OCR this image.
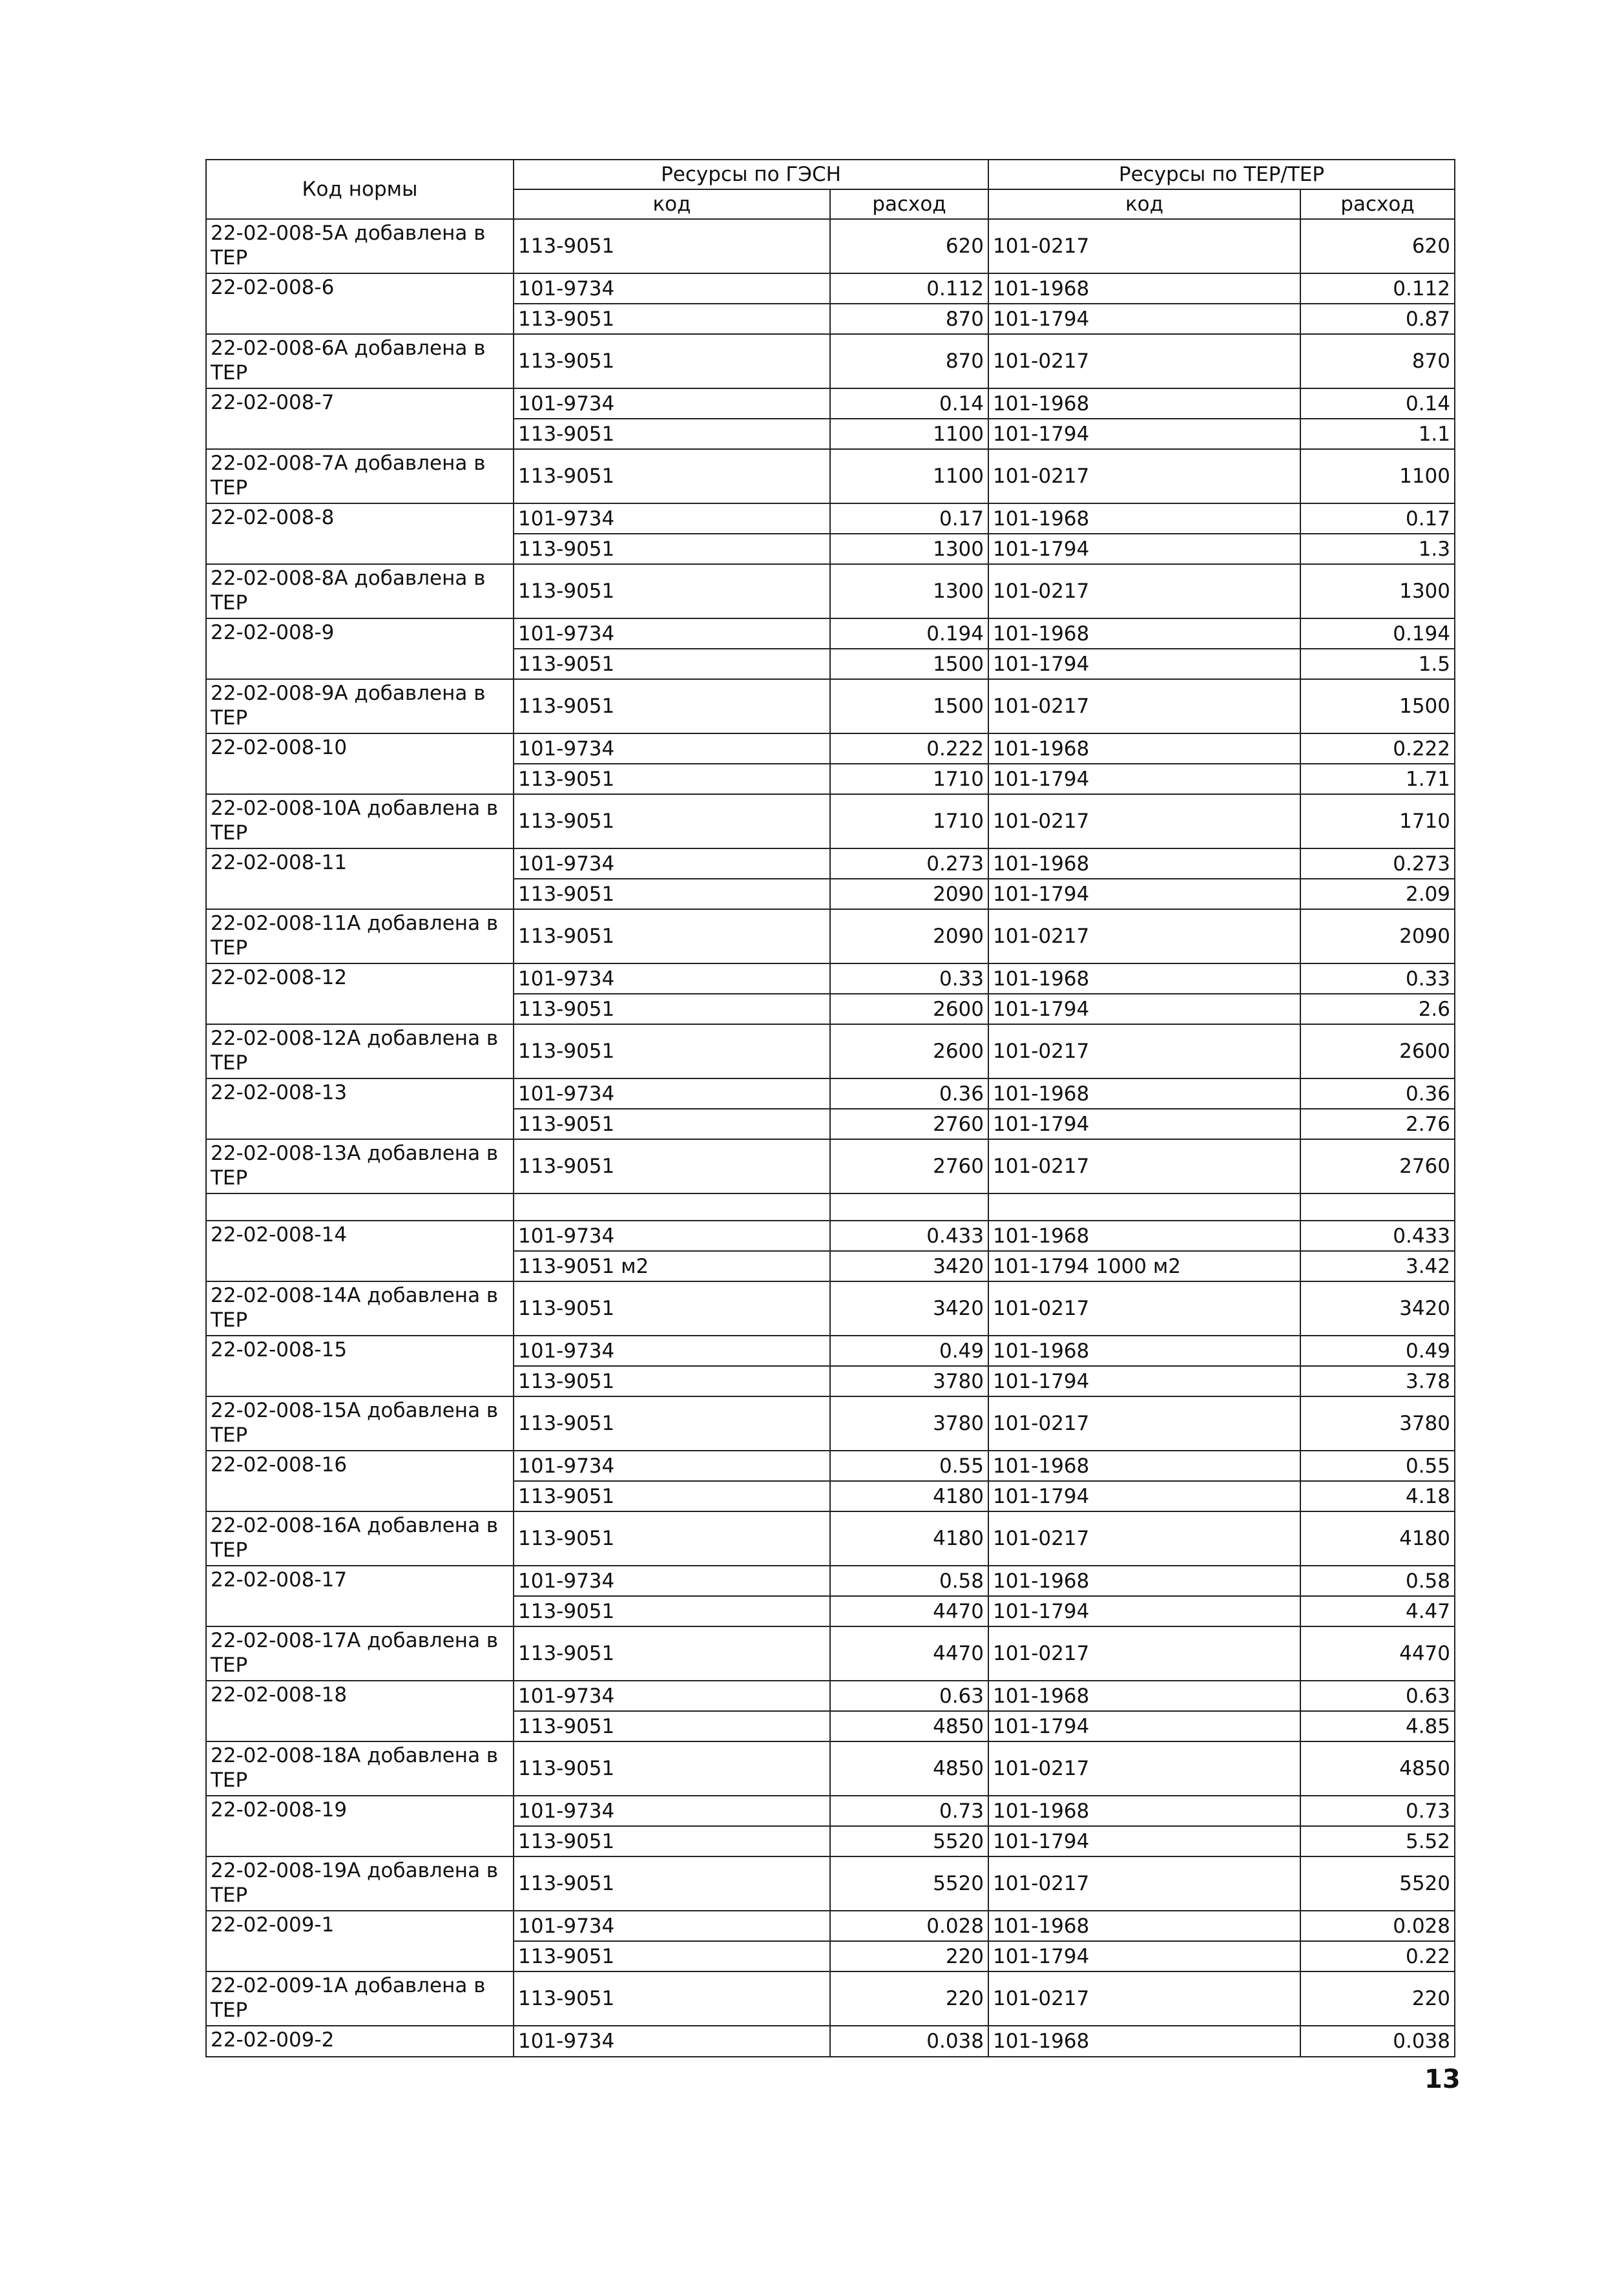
Код нормы	Ресурсы по ГЭСН		Ресурсы по ТЕР/ТЕР	
	код	расход	код	расход
22-02-008-5А добавлена в ТЕР	113-9051	620	101-0217	620
22-02-008-6	101-9734	0.112	101-1968	0.112
	113-9051	870	101-1794	0.87
22-02-008-6А добавлена в ТЕР	113-9051	870	101-0217	870
22-02-008-7	101-9734	0.14	101-1968	0.14
	113-9051	1100	101-1794	1.1
22-02-008-7А добавлена в ТЕР	113-9051	1100	101-0217	1100
22-02-008-8	101-9734	0.17	101-1968	0.17
	113-9051	1300	101-1794	1.3
22-02-008-8А добавлена в ТЕР	113-9051	1300	101-0217	1300
22-02-008-9	101-9734	0.194	101-1968	0.194
	113-9051	1500	101-1794	1.5
22-02-008-9А добавлена в ТЕР	113-9051	1500	101-0217	1500
22-02-008-10	101-9734	0.222	101-1968	0.222
	113-9051	1710	101-1794	1.71
22-02-008-10А добавлена в ТЕР	113-9051	1710	101-0217	1710
22-02-008-11	101-9734	0.273	101-1968	0.273
	113-9051	2090	101-1794	2.09
22-02-008-11А добавлена в ТЕР	113-9051	2090	101-0217	2090
22-02-008-12	101-9734	0.33	101-1968	0.33
	113-9051	2600	101-1794	2.6
22-02-008-12А добавлена в ТЕР	113-9051	2600	101-0217	2600
22-02-008-13	101-9734	0.36	101-1968	0.36
	113-9051	2760	101-1794	2.76
22-02-008-13А добавлена в ТЕР	113-9051	2760	101-0217	2760

22-02-008-14	101-9734	0.433	101-1968	0.433
	113-9051 м2	3420	101-1794 1000 м2	3.42
22-02-008-14А добавлена в ТЕР	113-9051	3420	101-0217	3420
22-02-008-15	101-9734	0.49	101-1968	0.49
	113-9051	3780	101-1794	3.78
22-02-008-15А добавлена в ТЕР	113-9051	3780	101-0217	3780
22-02-008-16	101-9734	0.55	101-1968	0.55
	113-9051	4180	101-1794	4.18
22-02-008-16А добавлена в ТЕР	113-9051	4180	101-0217	4180
22-02-008-17	101-9734	0.58	101-1968	0.58
	113-9051	4470	101-1794	4.47
22-02-008-17А добавлена в ТЕР	113-9051	4470	101-0217	4470
22-02-008-18	101-9734	0.63	101-1968	0.63
	113-9051	4850	101-1794	4.85
22-02-008-18А добавлена в ТЕР	113-9051	4850	101-0217	4850
22-02-008-19	101-9734	0.73	101-1968	0.73
	113-9051	5520	101-1794	5.52
22-02-008-19А добавлена в ТЕР	113-9051	5520	101-0217	5520
22-02-009-1	101-9734	0.028	101-1968	0.028
	113-9051	220	101-1794	0.22
22-02-009-1А добавлена в ТЕР	113-9051	220	101-0217	220
22-02-009-2	101-9734	0.038	101-1968	0.038
13
